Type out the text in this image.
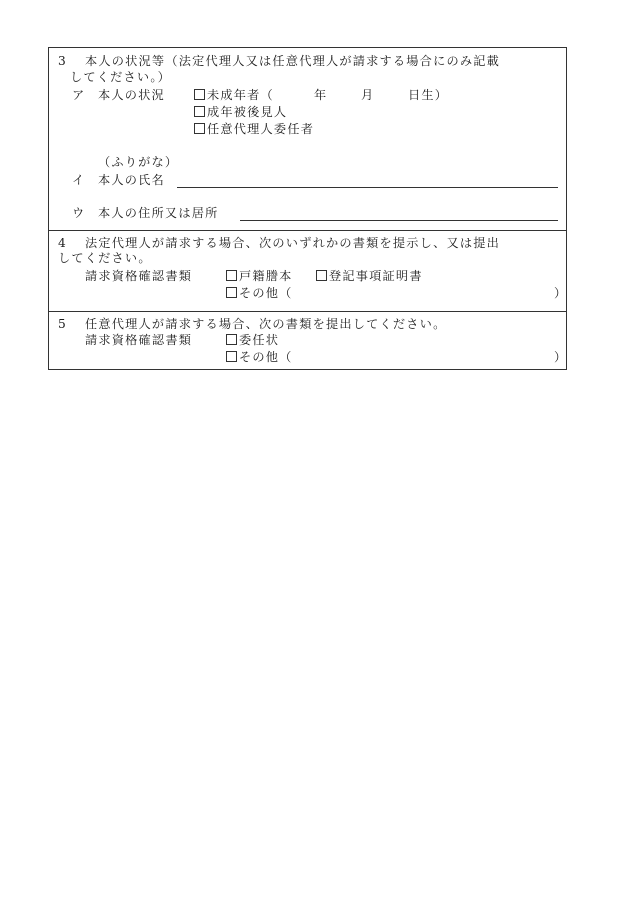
3 本人の状況等（法定代理人又は任意代理人が請求する場合にのみ記載
してください。）
ア 本人の状況	未成年者（	年	月	日生）
成年被後見人
任意代理人委任者
（ふりがな）
イ 本人の氏名
ウ 本人の住所又は居所
4 法定代理人が請求する場合、次のいずれかの書類を提示し、又は提出
してください。
請求資格確認書類	戸籍謄本	登記事項証明書
その他（	）
5 任意代理人が請求する場合、次の書類を提出してください。
請求資格確認書類	委任状
その他（	）
